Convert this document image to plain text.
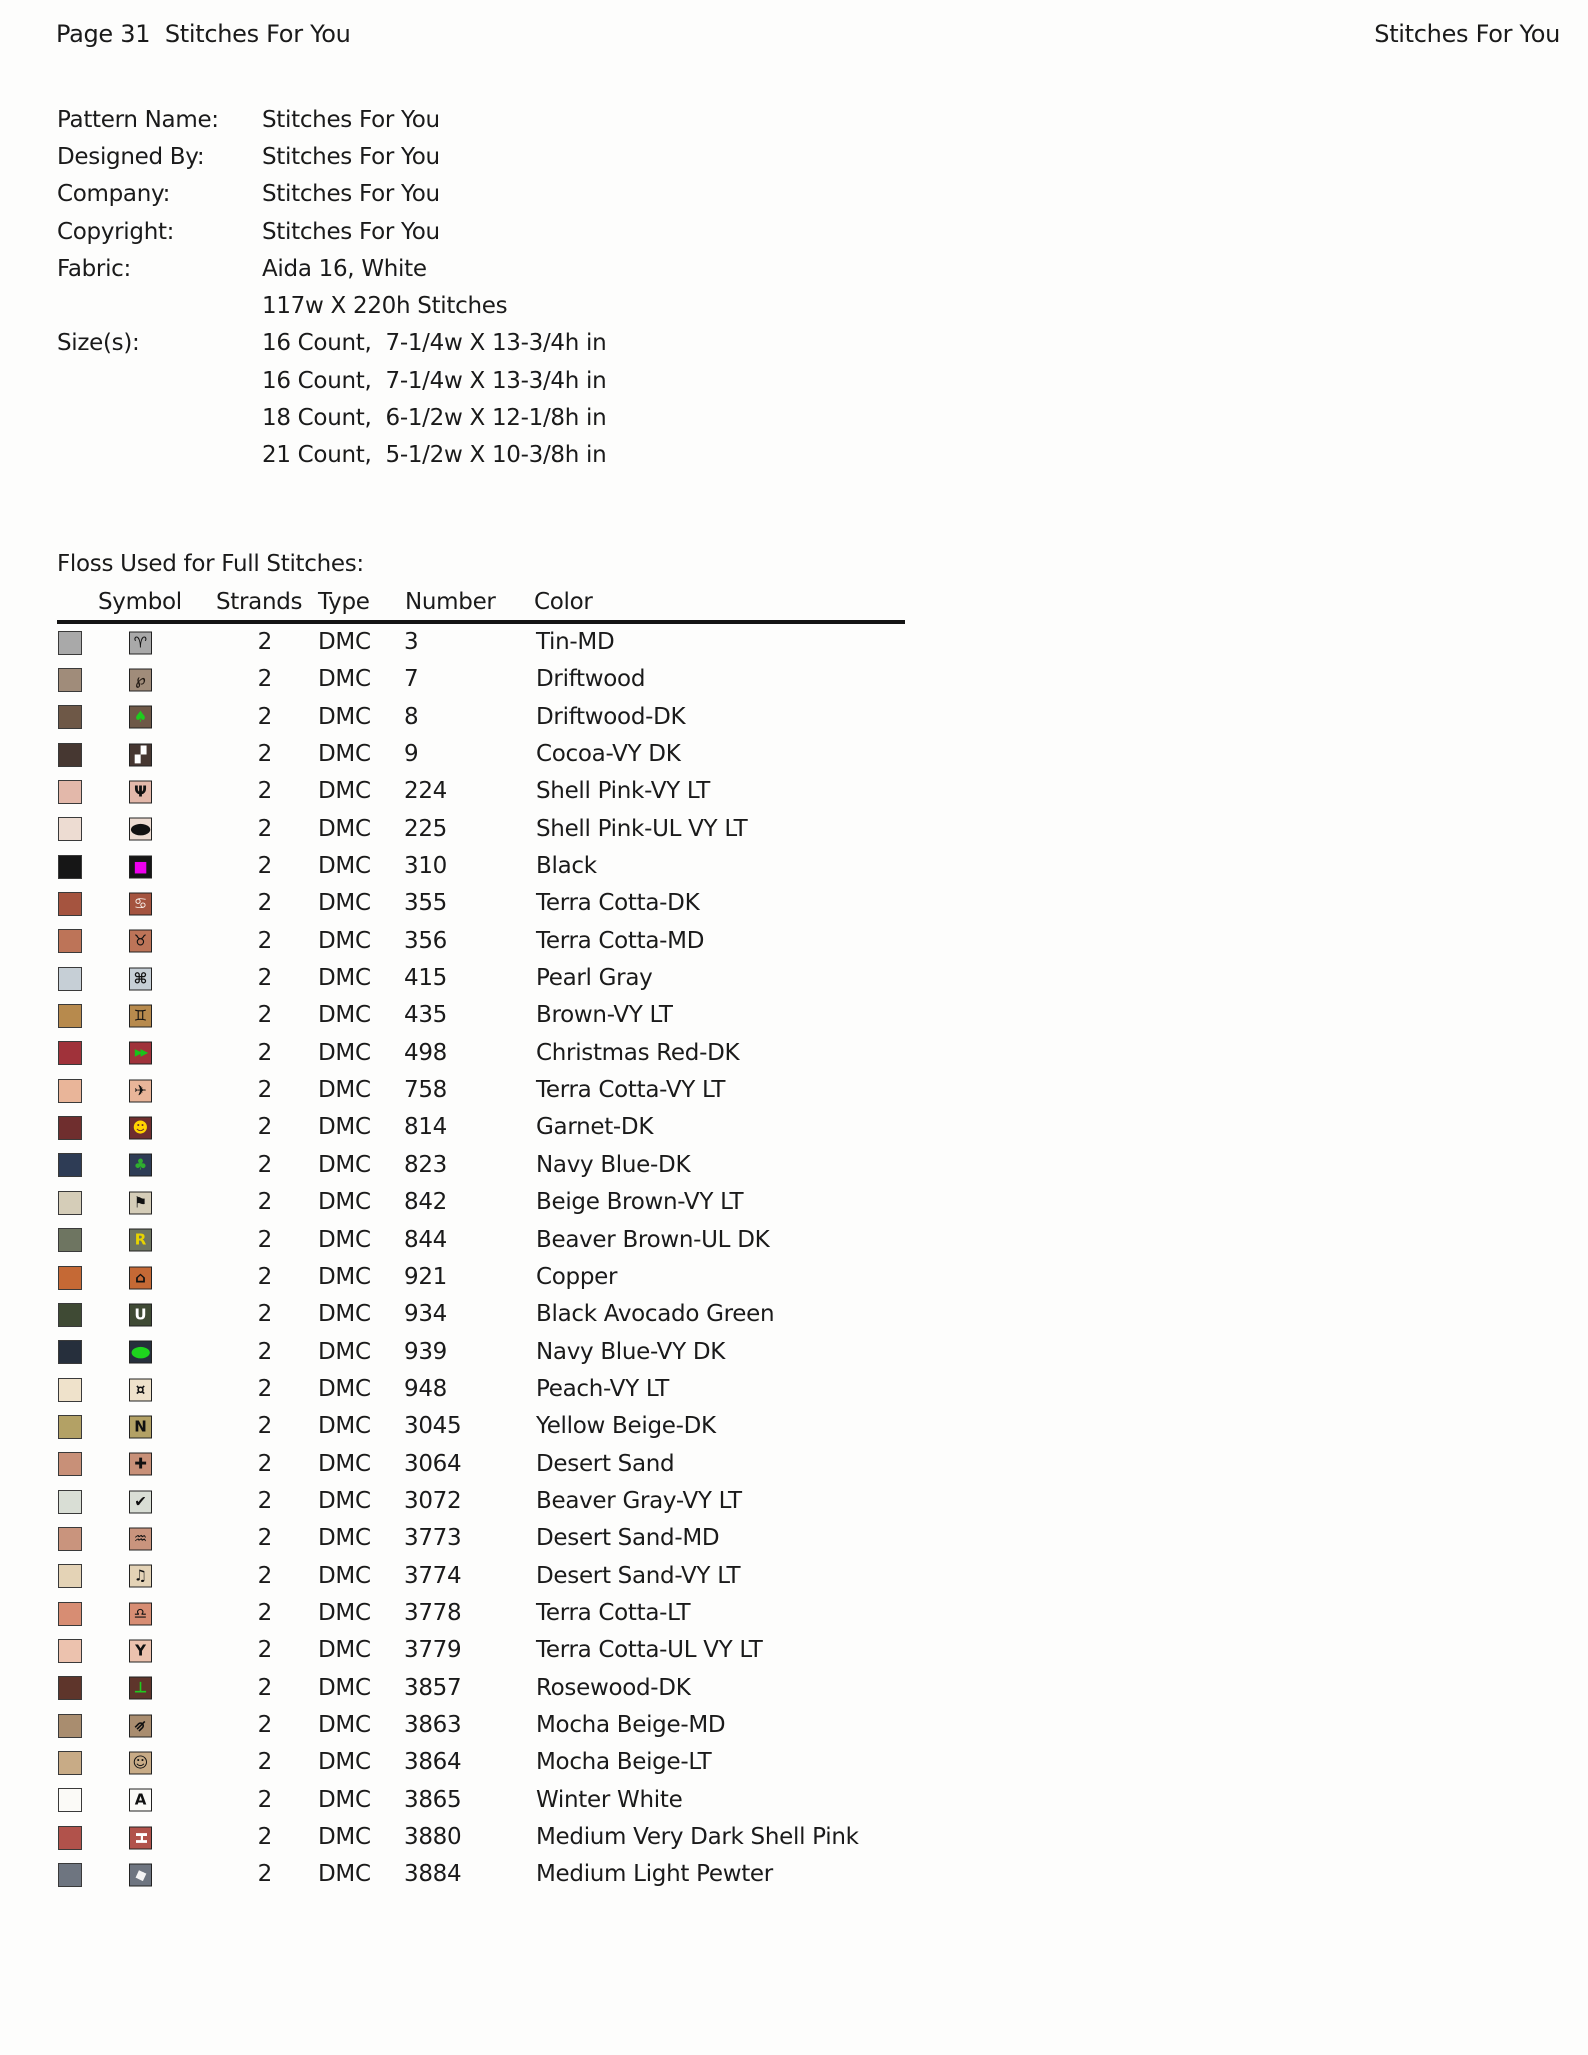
Page 31  Stitches For You	Stitches For You
Pattern Name:	Stitches For You
Designed By:	Stitches For You
Company:	Stitches For You
Copyright:	Stitches For You
Fabric:	Aida 16, White
117w X 220h Stitches
Size(s):	16 Count,  7-1/4w X 13-3/4h in
16 Count,  7-1/4w X 13-3/4h in
18 Count,  6-1/2w X 12-1/8h in
21 Count,  5-1/2w X 10-3/8h in
Floss Used for Full Stitches:
Symbol Strands Type Number Color
♈	2 DMC 3	Tin-MD
℘	2 DMC 7	Driftwood
♠	2 DMC 8	Driftwood-DK
▞	2 DMC 9	Cocoa-VY DK
Ψ	2 DMC 224	Shell Pink-VY LT
●	2 DMC 225	Shell Pink-UL VY LT
■	2 DMC 310	Black
♋	2 DMC 355	Terra Cotta-DK
♉	2 DMC 356	Terra Cotta-MD
⌘	2 DMC 415	Pearl Gray
♊	2 DMC 435	Brown-VY LT
▶▶	2 DMC 498	Christmas Red-DK
✈	2 DMC 758	Terra Cotta-VY LT
☻	2 DMC 814	Garnet-DK
♣	2 DMC 823	Navy Blue-DK
⚑	2 DMC 842	Beige Brown-VY LT
R	2 DMC 844	Beaver Brown-UL DK
⌂	2 DMC 921	Copper
U	2 DMC 934	Black Avocado Green
●	2 DMC 939	Navy Blue-VY DK
¤	2 DMC 948	Peach-VY LT
N	2 DMC 3045	Yellow Beige-DK
✚	2 DMC 3064	Desert Sand
✔	2 DMC 3072	Beaver Gray-VY LT
♒	2 DMC 3773	Desert Sand-MD
♫	2 DMC 3774	Desert Sand-VY LT
♎	2 DMC 3778	Terra Cotta-LT
Y	2 DMC 3779	Terra Cotta-UL VY LT
⊥	2 DMC 3857	Rosewood-DK
⋔	2 DMC 3863	Mocha Beige-MD
☺	2 DMC 3864	Mocha Beige-LT
A	2 DMC 3865	Winter White
H	2 DMC 3880	Medium Very Dark Shell Pink
◆	2 DMC 3884	Medium Light Pewter
